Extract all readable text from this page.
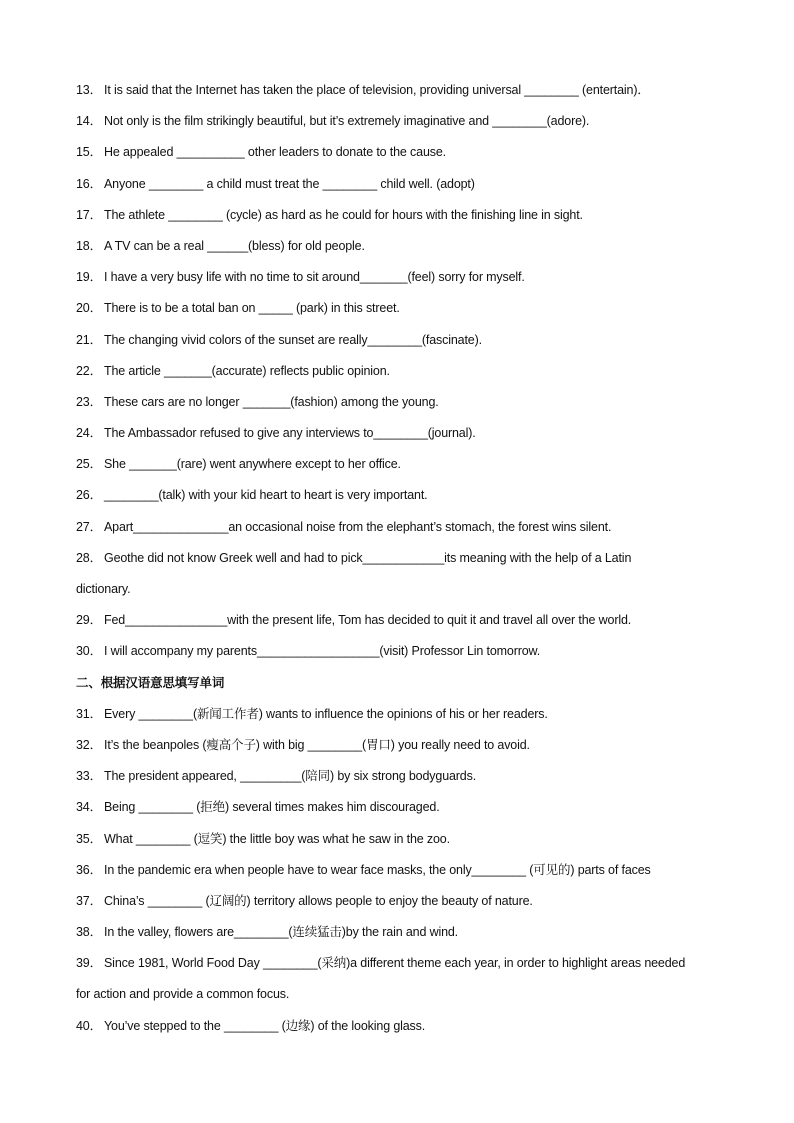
13． It is said that the Internet has taken the place of television, providing universal ________ (entertain)．
14． Not only is the film strikingly beautiful, but it’s extremely imaginative and ________(adore).
15． He appealed __________ other leaders to donate to the cause.
16． Anyone ________ a child must treat the ________ child well. (adopt)
17． The athlete ________ (cycle) as hard as he could for hours with the finishing line in sight.
18． A TV can be a real ______(bless) for old people.
19． I have a very busy life with no time to sit around_______(feel) sorry for myself.
20． There is to be a total ban on _____ (park) in this street.
21． The changing vivid colors of the sunset are really________(fascinate).
22． The article _______(accurate) reflects public opinion.
23． These cars are no longer _______(fashion) among the young.
24． The Ambassador refused to give any interviews to________(journal).
25． She _______(rare) went anywhere except to her office.
26． ________(talk) with your kid heart to heart is very important.
27． Apart______________an occasional noise from the elephant’s stomach, the forest wins silent.
28． Geothe did not know Greek well and had to pick____________its meaning with the help of a Latin
dictionary.
29． Fed_______________with the present life, Tom has decided to quit it and travel all over the world.
30． I will accompany my parents__________________(visit) Professor Lin tomorrow.
二、根据汉语意思填写单词
31． Every ________(新闻工作者) wants to influence the opinions of his or her readers.
32． It’s the beanpoles (瘦高个子) with big ________(胃口) you really need to avoid.
33． The president appeared, _________(陪同) by six strong bodyguards.
34． Being ________ (拒绝) several times makes him discouraged.
35． What ________ (逗笑) the little boy was what he saw in the zoo.
36． In the pandemic era when people have to wear face masks, the only________ (可见的) parts of faces
37． China’s ________ (辽阔的) territory allows people to enjoy the beauty of nature.
38． In the valley, flowers are________(连续猛击)by the rain and wind.
39． Since 1981, World Food Day ________(采纳)a different theme each year, in order to highlight areas needed
for action and provide a common focus.
40． You’ve stepped to the ________ (边缘) of the looking glass.
